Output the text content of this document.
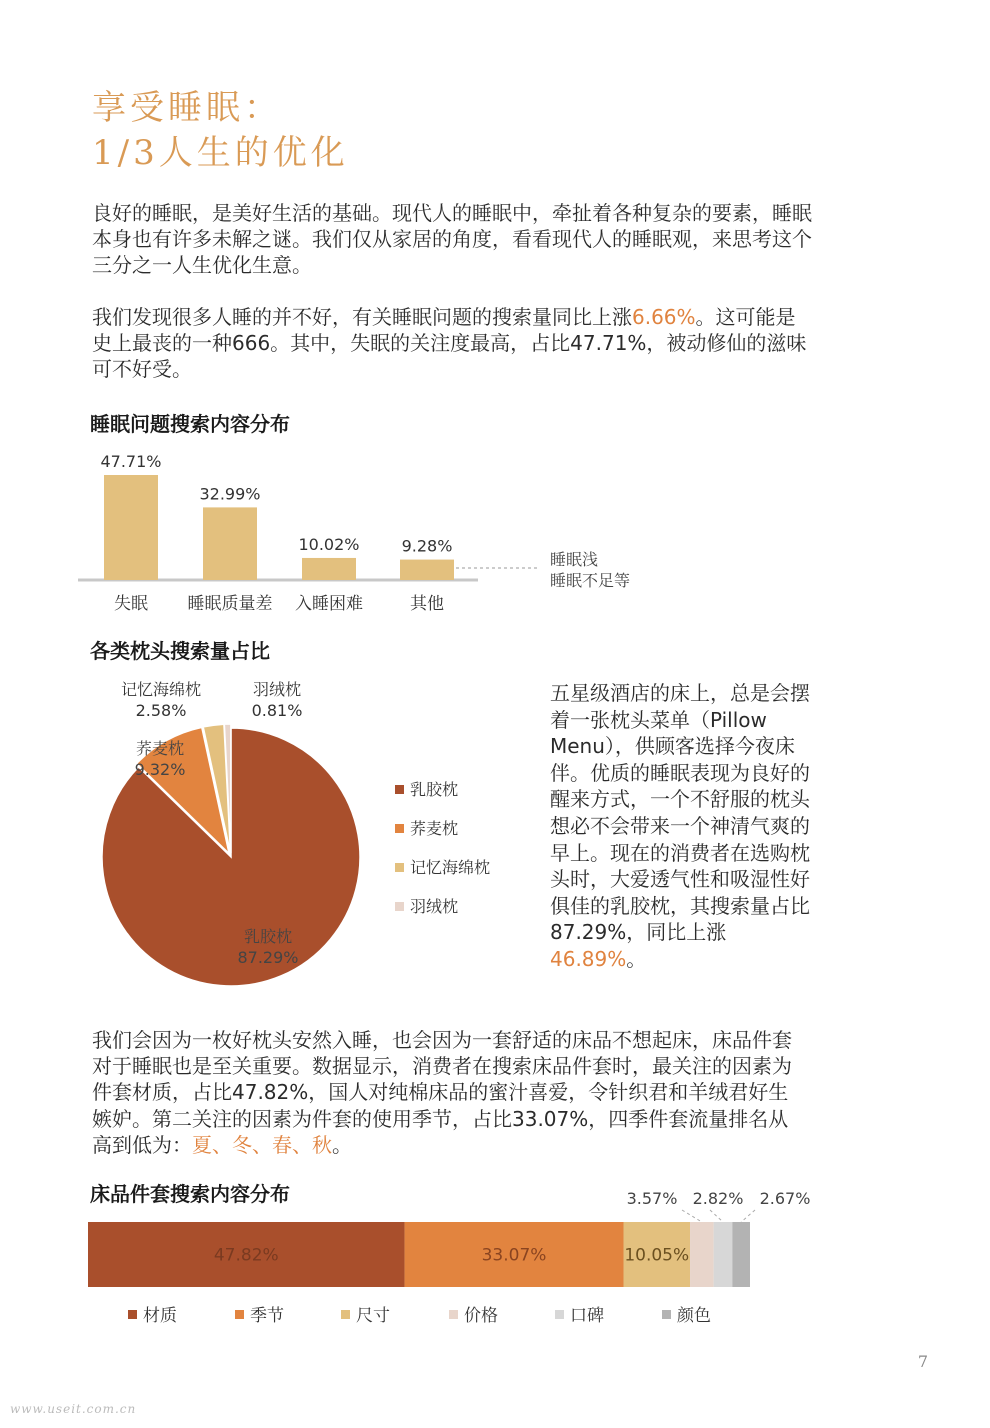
享受睡眠：
1/3人生的优化
良好的睡眠，是美好生活的基础。现代人的睡眠中，牵扯着各种复杂的要素，睡眠本身也有许多未解之谜。我们仅从家居的角度，看看现代人的睡眠观，来思考这个三分之一人生优化生意。
我们发现很多人睡的并不好，有关睡眠问题的搜索量同比上涨6.66%。这可能是史上最丧的一种666。其中，失眠的关注度最高，占比47.71%，被动修仙的滋味可不好受。
睡眠问题搜索内容分布
47.71%
失眠
32.99%
睡眠质量差
10.02%
入睡困难
9.28%
其他
睡眠浅
睡眠不足等
各类枕头搜索量占比
乳胶枕
87.29%
荞麦枕
9.32%
记忆海绵枕
2.58%
羽绒枕
0.81%
乳胶枕
荞麦枕
记忆海绵枕
羽绒枕
五星级酒店的床上，总是会摆着一张枕头菜单（Pillow Menu），供顾客选择今夜床伴。优质的睡眠表现为良好的醒来方式，一个不舒服的枕头想必不会带来一个神清气爽的早上。现在的消费者在选购枕头时，大爱透气性和吸湿性好俱佳的乳胶枕，其搜索量占比87.29%，同比上涨46.89%。
我们会因为一枚好枕头安然入睡，也会因为一套舒适的床品不想起床，床品件套对于睡眠也是至关重要。数据显示，消费者在搜索床品件套时，最关注的因素为件套材质，占比47.82%，国人对纯棉床品的蜜汁喜爱，令针织君和羊绒君好生嫉妒。第二关注的因素为件套的使用季节，占比33.07%，四季件套流量排名从高到低为：夏、冬、春、秋。
床品件套搜索内容分布
47.82%	33.07%	10.05%
3.57% 2.82% 2.67%
材质	季节	尺寸	价格	口碑	颜色
7
www.useit.com.cn
